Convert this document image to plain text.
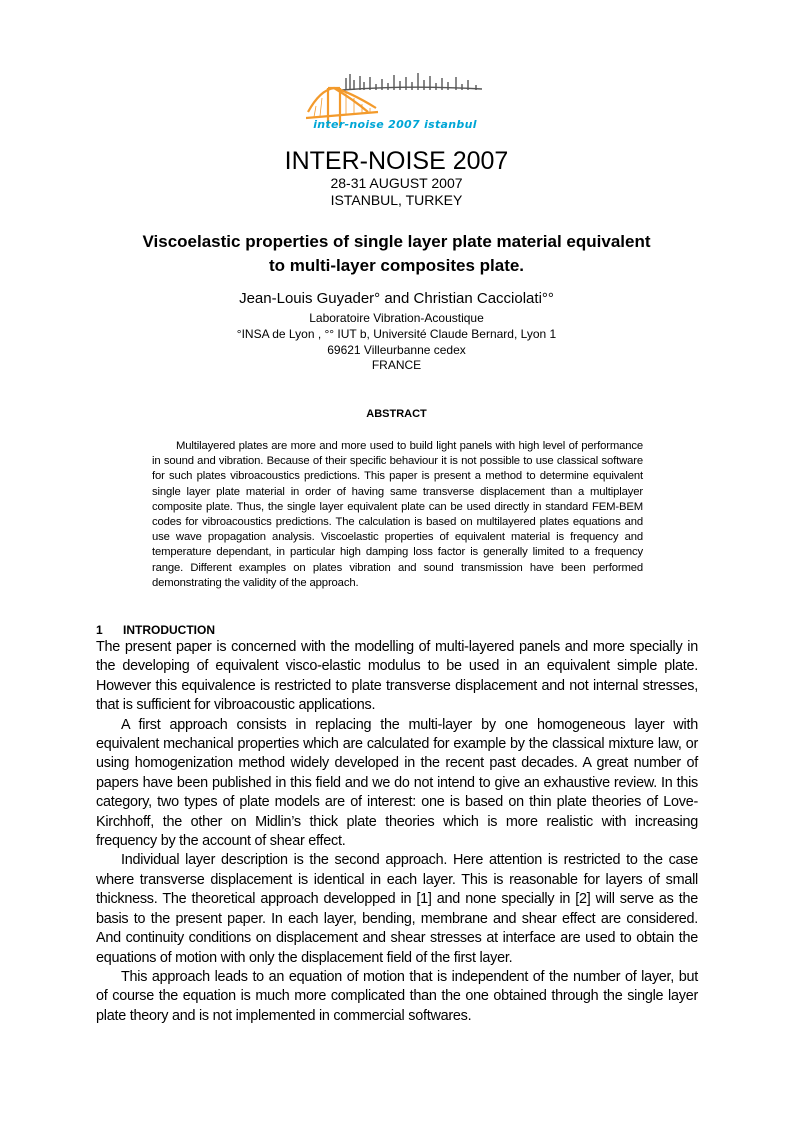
inter-noise 2007 istanbul
INTER-NOISE 2007
28-31 AUGUST 2007
ISTANBUL, TURKEY
Viscoelastic properties of single layer plate material equivalent
to multi-layer composites plate.
Jean-Louis Guyader° and Christian Cacciolati°°
Laboratoire Vibration-Acoustique
°INSA de Lyon , °° IUT b, Université Claude Bernard, Lyon 1
69621 Villeurbanne cedex
FRANCE
ABSTRACT
Multilayered plates are more and more used to build light panels with high level of performance in sound and vibration. Because of their specific behaviour it is not possible to use classical software for such plates vibroacoustics predictions. This paper is present a method to determine equivalent single layer plate material in order of having same transverse displacement than a multiplayer composite plate. Thus, the single layer equivalent plate can be used directly in standard FEM-BEM codes for vibroacoustics predictions. The calculation is based on multilayered plates equations and use wave propagation analysis. Viscoelastic properties of equivalent material is frequency and temperature dependant, in particular high damping loss factor is generally limited to a frequency range. Different examples on plates vibration and sound transmission have been performed demonstrating the validity of the approach.
1 INTRODUCTION

The present paper is concerned with the modelling of multi-layered panels and more specially in the developing of equivalent visco-elastic modulus to be used in an equivalent simple plate. However this equivalence is restricted to plate transverse displacement and not internal stresses, that is sufficient for vibroacoustic applications.

A first approach consists in replacing the multi-layer by one homogeneous layer with equivalent mechanical properties which are calculated for example by the classical mixture law, or using homogenization method widely developed in the recent past decades. A great number of papers have been published in this field and we do not intend to give an exhaustive review. In this category, two types of plate models are of interest: one is based on thin plate theories of Love-Kirchhoff, the other on Midlin’s thick plate theories which is more realistic with increasing frequency by the account of shear effect.

Individual layer description is the second approach. Here attention is restricted to the case where transverse displacement is identical in each layer. This is reasonable for layers of small thickness. The theoretical approach developped in [1] and none specially in [2] will serve as the basis to the present paper. In each layer, bending, membrane and shear effect are considered. And continuity conditions on displacement and shear stresses at interface are used to obtain the equations of motion with only the displacement field of the first layer.

This approach leads to an equation of motion that is independent of the number of layer, but of course the equation is much more complicated than the one obtained through the single layer plate theory and is not implemented in commercial softwares.
